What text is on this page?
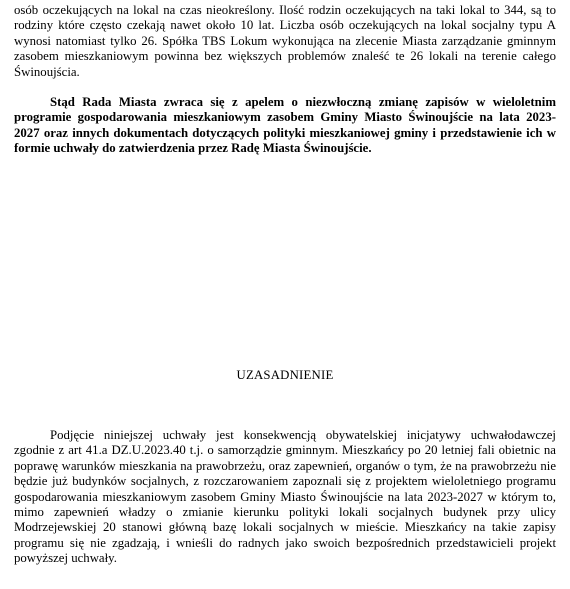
osób oczekujących na lokal na czas nieokreślony. Ilość rodzin oczekujących na taki lokal to 344, są to
rodziny które często czekają nawet około 10 lat. Liczba osób oczekujących na lokal socjalny typu A
wynosi natomiast tylko 26. Spółka TBS Lokum wykonująca na zlecenie Miasta zarządzanie gminnym
zasobem mieszkaniowym powinna bez większych problemów znaleść te 26 lokali na terenie całego
Świnoujścia.

Stąd Rada Miasta zwraca się z apelem o niezwłoczną zmianę zapisów w wieloletnim
programie gospodarowania mieszkaniowym zasobem Gminy Miasto Świnoujście na lata 2023-
2027 oraz innych dokumentach dotyczących polityki mieszkaniowej gminy i przedstawienie ich w
formie uchwały do zatwierdzenia przez Radę Miasta Świnoujście.

UZASADNIENIE

Podjęcie niniejszej uchwały jest konsekwencją obywatelskiej inicjatywy uchwałodawczej
zgodnie z art 41.a DZ.U.2023.40 t.j. o samorządzie gminnym. Mieszkańcy po 20 letniej fali obietnic na
poprawę warunków mieszkania na prawobrzeżu, oraz zapewnień, organów o tym, że na prawobrzeżu nie
będzie już budynków socjalnych, z rozczarowaniem zapoznali się z projektem wieloletniego programu
gospodarowania mieszkaniowym zasobem Gminy Miasto Świnoujście na lata 2023-2027 w którym to,
mimo zapewnień władzy o zmianie kierunku polityki lokali socjalnych budynek przy ulicy
Modrzejewskiej 20 stanowi główną bazę lokali socjalnych w mieście. Mieszkańcy na takie zapisy
programu się nie zgadzają, i wnieśli do radnych jako swoich bezpośrednich przedstawicieli projekt
powyższej uchwały.
